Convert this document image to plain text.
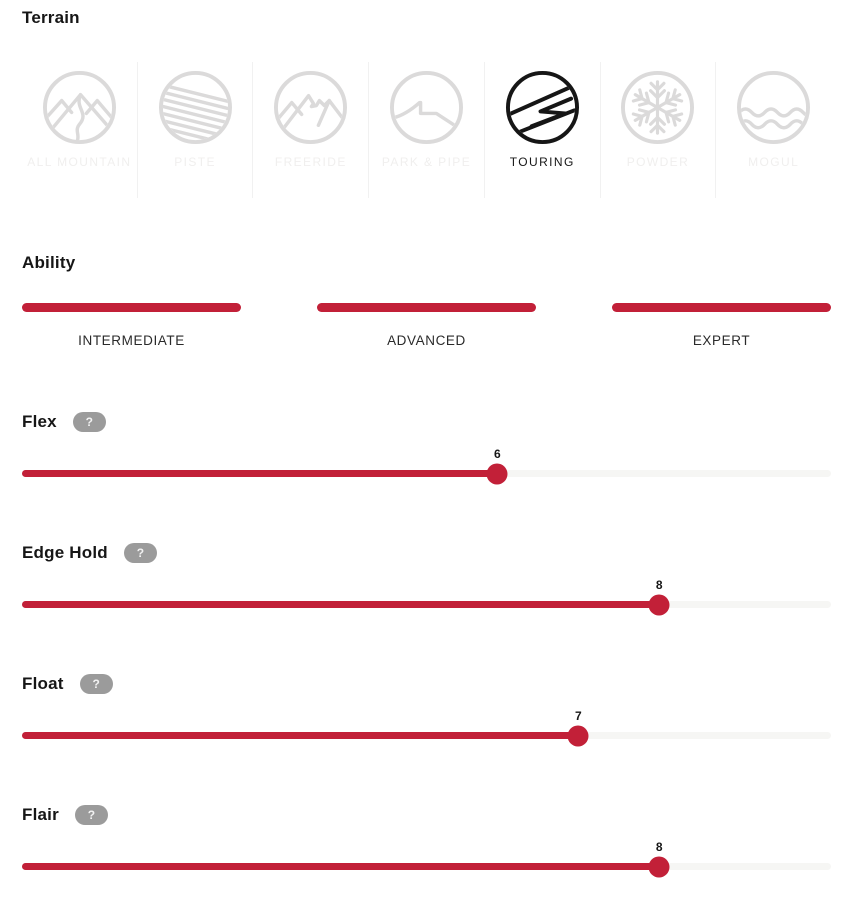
Terrain
ALL MOUNTAIN	PISTE	FREERIDE	PARK & PIPE	TOURING	POWDER	MOGUL
Ability
INTERMEDIATE	ADVANCED	EXPERT
Flex	?
6
Edge Hold	?
8
Float	?
7
Flair	?
8
